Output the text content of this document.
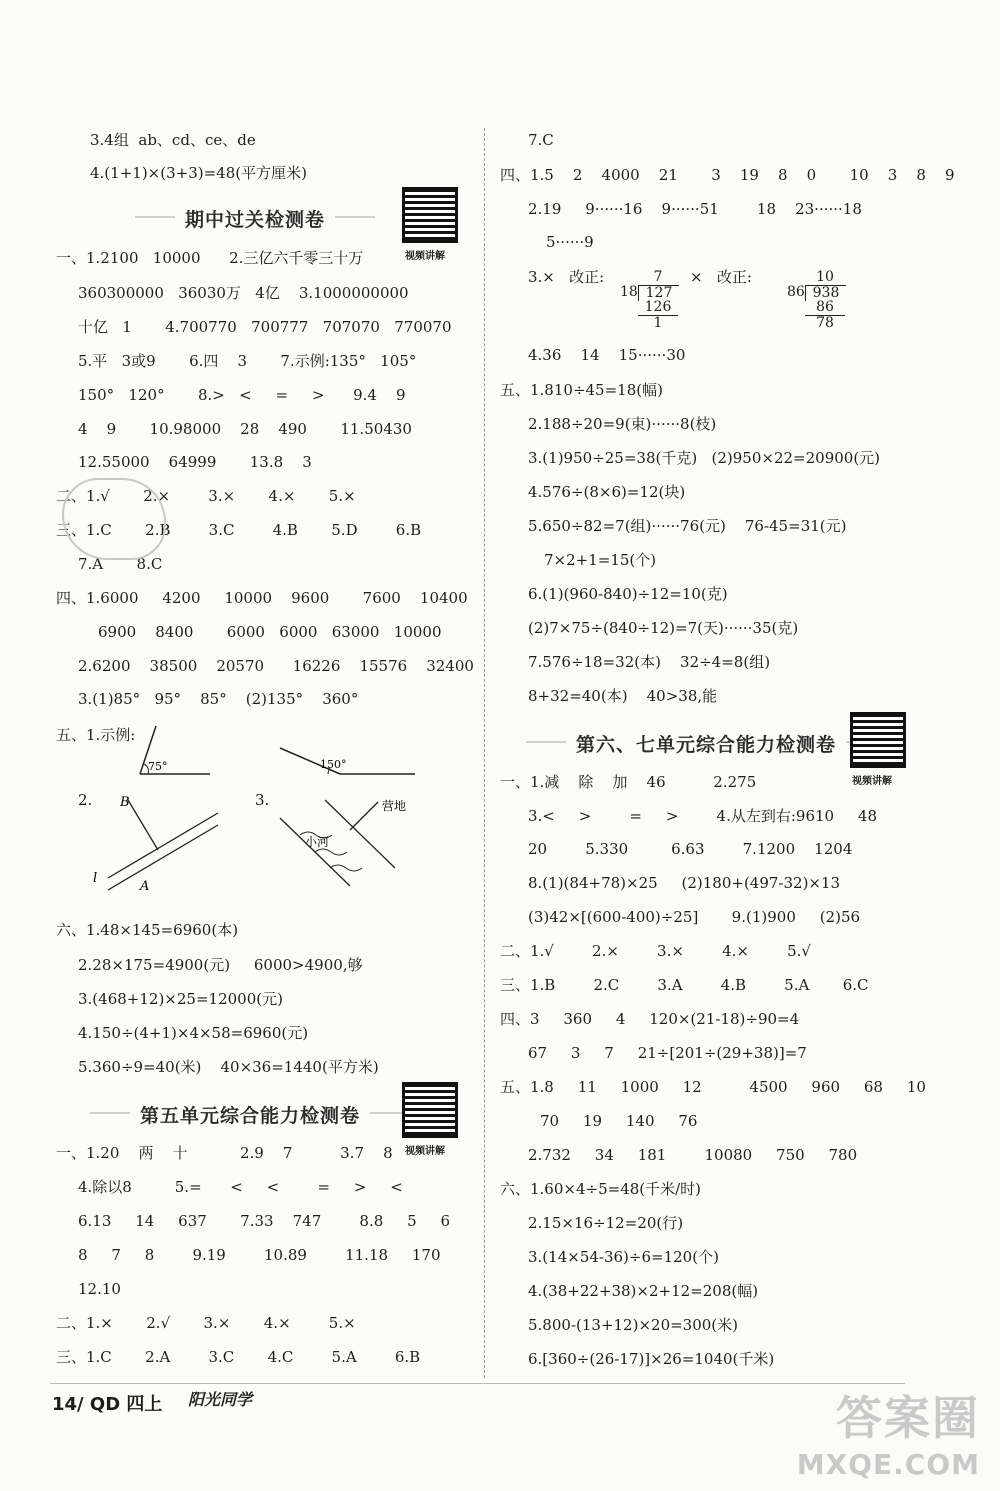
3.4组  ab、cd、ce、de
4.(1+1)×(3+3)=48(平方厘米)
期中过关检测卷
视频讲解
一、1.2100   10000      2.三亿六千零三十万
360300000   36030万   4亿    3.1000000000
十亿   1       4.700770   700777   707070   770070
5.平   3或9       6.四    3       7.示例:135°   105°
150°   120°       8.>   <     =     >      9.4    9
4    9       10.98000    28    490       11.50430
12.55000    64999       13.8    3
二、1.√       2.×        3.×       4.×       5.×
三、1.C       2.B        3.C        4.B       5.D        6.B
7.A       8.C
四、1.6000     4200     10000    9600       7600    10400
6900    8400       6000   6000   63000   10000
2.6200    38500    20570      16226    15576    32400
3.(1)85°   95°    85°    (2)135°    360°
五、1.示例:
75°	150°
2. B
A
l
3.
小河
营地
六、1.48×145=6960(本)
2.28×175=4900(元)     6000>4900,够
3.(468+12)×25=12000(元)
4.150÷(4+1)×4×58=6960(元)
5.360÷9=40(米)    40×36=1440(平方米)
第五单元综合能力检测卷
视频讲解
一、1.20    两    十           2.9    7          3.7    8
4.除以8         5.=      <     <        =     >     <
6.13     14     637       7.33    747        8.8     5     6
8     7     8        9.19        10.89        11.18     170
12.10
二、1.×       2.√       3.×       4.×        5.×
三、1.C       2.A        3.C       4.C        5.A        6.B
7.C
四、1.5    2    4000    21       3    19    8    0       10    3    8    9
2.19     9······16    9······51        18    23······18
5······9
3.×   改正:	7
18 127
126
1
×   改正:	10
86 938
86
78
4.36    14    15······30
五、1.810÷45=18(幅)
2.188÷20=9(束)······8(枝)
3.(1)950÷25=38(千克)   (2)950×22=20900(元)
4.576÷(8×6)=12(块)
5.650÷82=7(组)······76(元)    76-45=31(元)
7×2+1=15(个)
6.(1)(960-840)÷12=10(克)
(2)7×75÷(840÷12)=7(天)······35(克)
7.576÷18=32(本)    32÷4=8(组)
8+32=40(本)    40>38,能
第六、七单元综合能力检测卷
视频讲解
一、1.减    除    加    46          2.275
3.<     >        =     >        4.从左到右:9610     48
20        5.330         6.63        7.1200    1204
8.(1)(84+78)×25     (2)180+(497-32)×13
(3)42×[(600-400)÷25]       9.(1)900     (2)56
二、1.√        2.×        3.×        4.×        5.√
三、1.B        2.C        3.A        4.B        5.A       6.C
四、3     360     4     120×(21-18)÷90=4
67     3     7     21÷[201÷(29+38)]=7
五、1.8     11     1000     12          4500     960     68     10
70     19     140     76
2.732     34     181        10080     750     780
六、1.60×4÷5=48(千米/时)
2.15×16÷12=20(行)
3.(14×54-36)÷6=120(个)
4.(38+22+38)×2+12=208(幅)
5.800-(13+12)×20=300(米)
6.[360÷(26-17)]×26=1040(千米)
14/ QD 四上 阳光同学	答案圈
MXQE.COM
